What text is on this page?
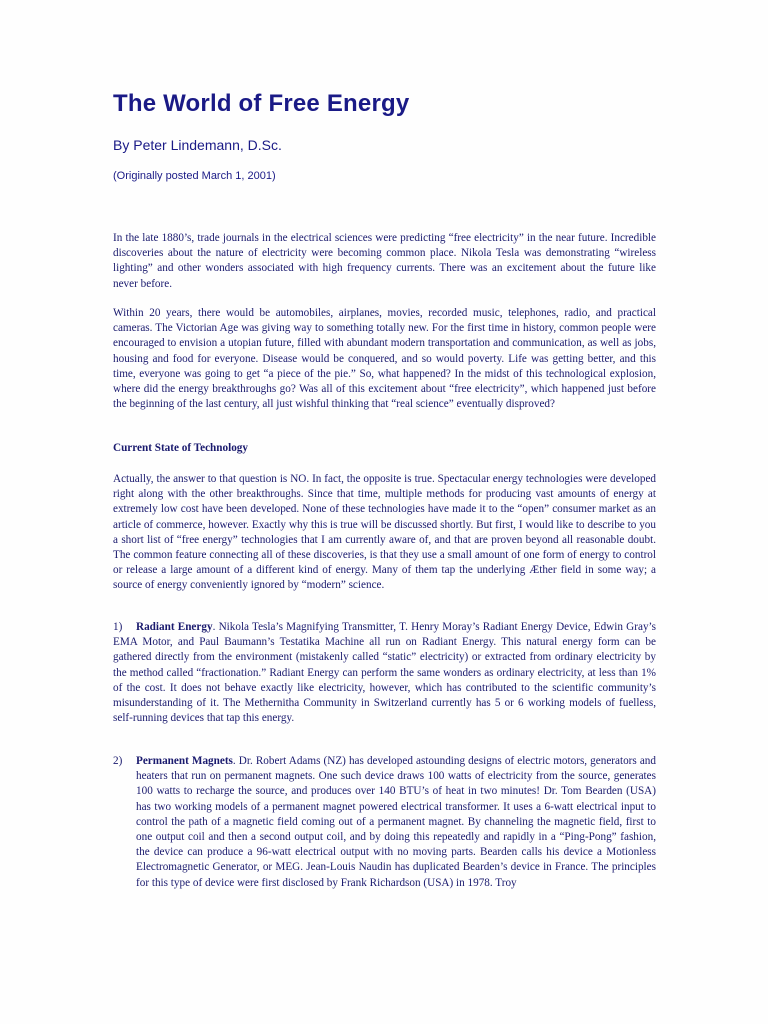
The World of Free Energy

By Peter Lindemann, D.Sc.

(Originally posted March 1, 2001)

In the late 1880’s, trade journals in the electrical sciences were predicting “free electricity” in the near future. Incredible discoveries about the nature of electricity were becoming common place. Nikola Tesla was demonstrating “wireless lighting” and other wonders associated with high frequency currents. There was an excitement about the future like never before.

Within 20 years, there would be automobiles, airplanes, movies, recorded music, telephones, radio, and practical cameras. The Victorian Age was giving way to something totally new. For the first time in history, common people were encouraged to envision a utopian future, filled with abundant modern transportation and communication, as well as jobs, housing and food for everyone. Disease would be conquered, and so would poverty. Life was getting better, and this time, everyone was going to get “a piece of the pie.” So, what happened? In the midst of this technological explosion, where did the energy breakthroughs go? Was all of this excitement about “free electricity”, which happened just before the beginning of the last century, all just wishful thinking that “real science” eventually disproved?

Current State of Technology

Actually, the answer to that question is NO. In fact, the opposite is true. Spectacular energy technologies were developed right along with the other breakthroughs. Since that time, multiple methods for producing vast amounts of energy at extremely low cost have been developed. None of these technologies have made it to the “open” consumer market as an article of commerce, however. Exactly why this is true will be discussed shortly. But first, I would like to describe to you a short list of “free energy” technologies that I am currently aware of, and that are proven beyond all reasonable doubt. The common feature connecting all of these discoveries, is that they use a small amount of one form of energy to control or release a large amount of a different kind of energy. Many of them tap the underlying Æther field in some way; a source of energy conveniently ignored by “modern” science.

1) Radiant Energy. Nikola Tesla’s Magnifying Transmitter, T. Henry Moray’s Radiant Energy Device, Edwin Gray’s EMA Motor, and Paul Baumann’s Testatika Machine all run on Radiant Energy. This natural energy form can be gathered directly from the environment (mistakenly called “static” electricity) or extracted from ordinary electricity by the method called “fractionation.” Radiant Energy can perform the same wonders as ordinary electricity, at less than 1% of the cost. It does not behave exactly like electricity, however, which has contributed to the scientific community’s misunderstanding of it. The Methernitha Community in Switzerland currently has 5 or 6 working models of fuelless, self-running devices that tap this energy.

2) Permanent Magnets. Dr. Robert Adams (NZ) has developed astounding designs of electric motors, generators and heaters that run on permanent magnets. One such device draws 100 watts of electricity from the source, generates 100 watts to recharge the source, and produces over 140 BTU’s of heat in two minutes! Dr. Tom Bearden (USA) has two working models of a permanent magnet powered electrical transformer. It uses a 6-watt electrical input to control the path of a magnetic field coming out of a permanent magnet. By channeling the magnetic field, first to one output coil and then a second output coil, and by doing this repeatedly and rapidly in a “Ping-Pong” fashion, the device can produce a 96-watt electrical output with no moving parts. Bearden calls his device a Motionless Electromagnetic Generator, or MEG. Jean-Louis Naudin has duplicated Bearden’s device in France. The principles for this type of device were first disclosed by Frank Richardson (USA) in 1978. Troy
